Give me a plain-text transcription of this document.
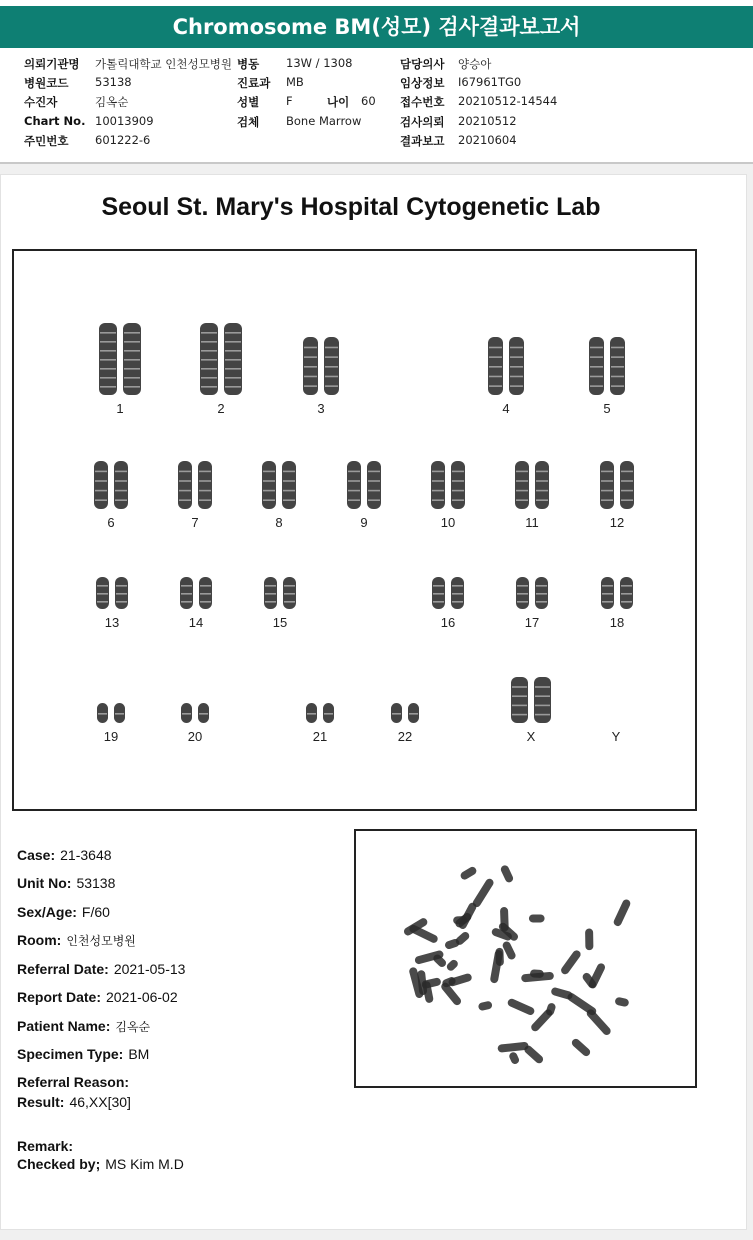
Chromosome BM(성모) 검사결과보고서
의뢰기관명 가톨릭대학교 인천성모병원 병동 13W / 1308	담당의사 양승아
병원코드 53138	진료과 MB	임상정보 I67961TG0
수진자	김옥순	성별 F	나이 60 접수번호 20210512-14544
Chart No. 10013909	검체 Bone Marrow	검사의뢰 20210512
주민번호 601222-6	결과보고 20210604
Seoul St. Mary's Hospital Cytogenetic Lab
1	2	3	4	5
6	7	8	9	10	11	12
13	14	15	16	17	18
19	20	21	22	X	Y
Case: 21-3648
Unit No: 53138
Sex/Age: F/60
Room: 인천성모병원
Referral Date: 2021-05-13
Report Date: 2021-06-02
Patient Name: 김옥순
Specimen Type: BM
Referral Reason:
Result: 46,XX[30]
Remark:
Checked by; MS Kim M.D
